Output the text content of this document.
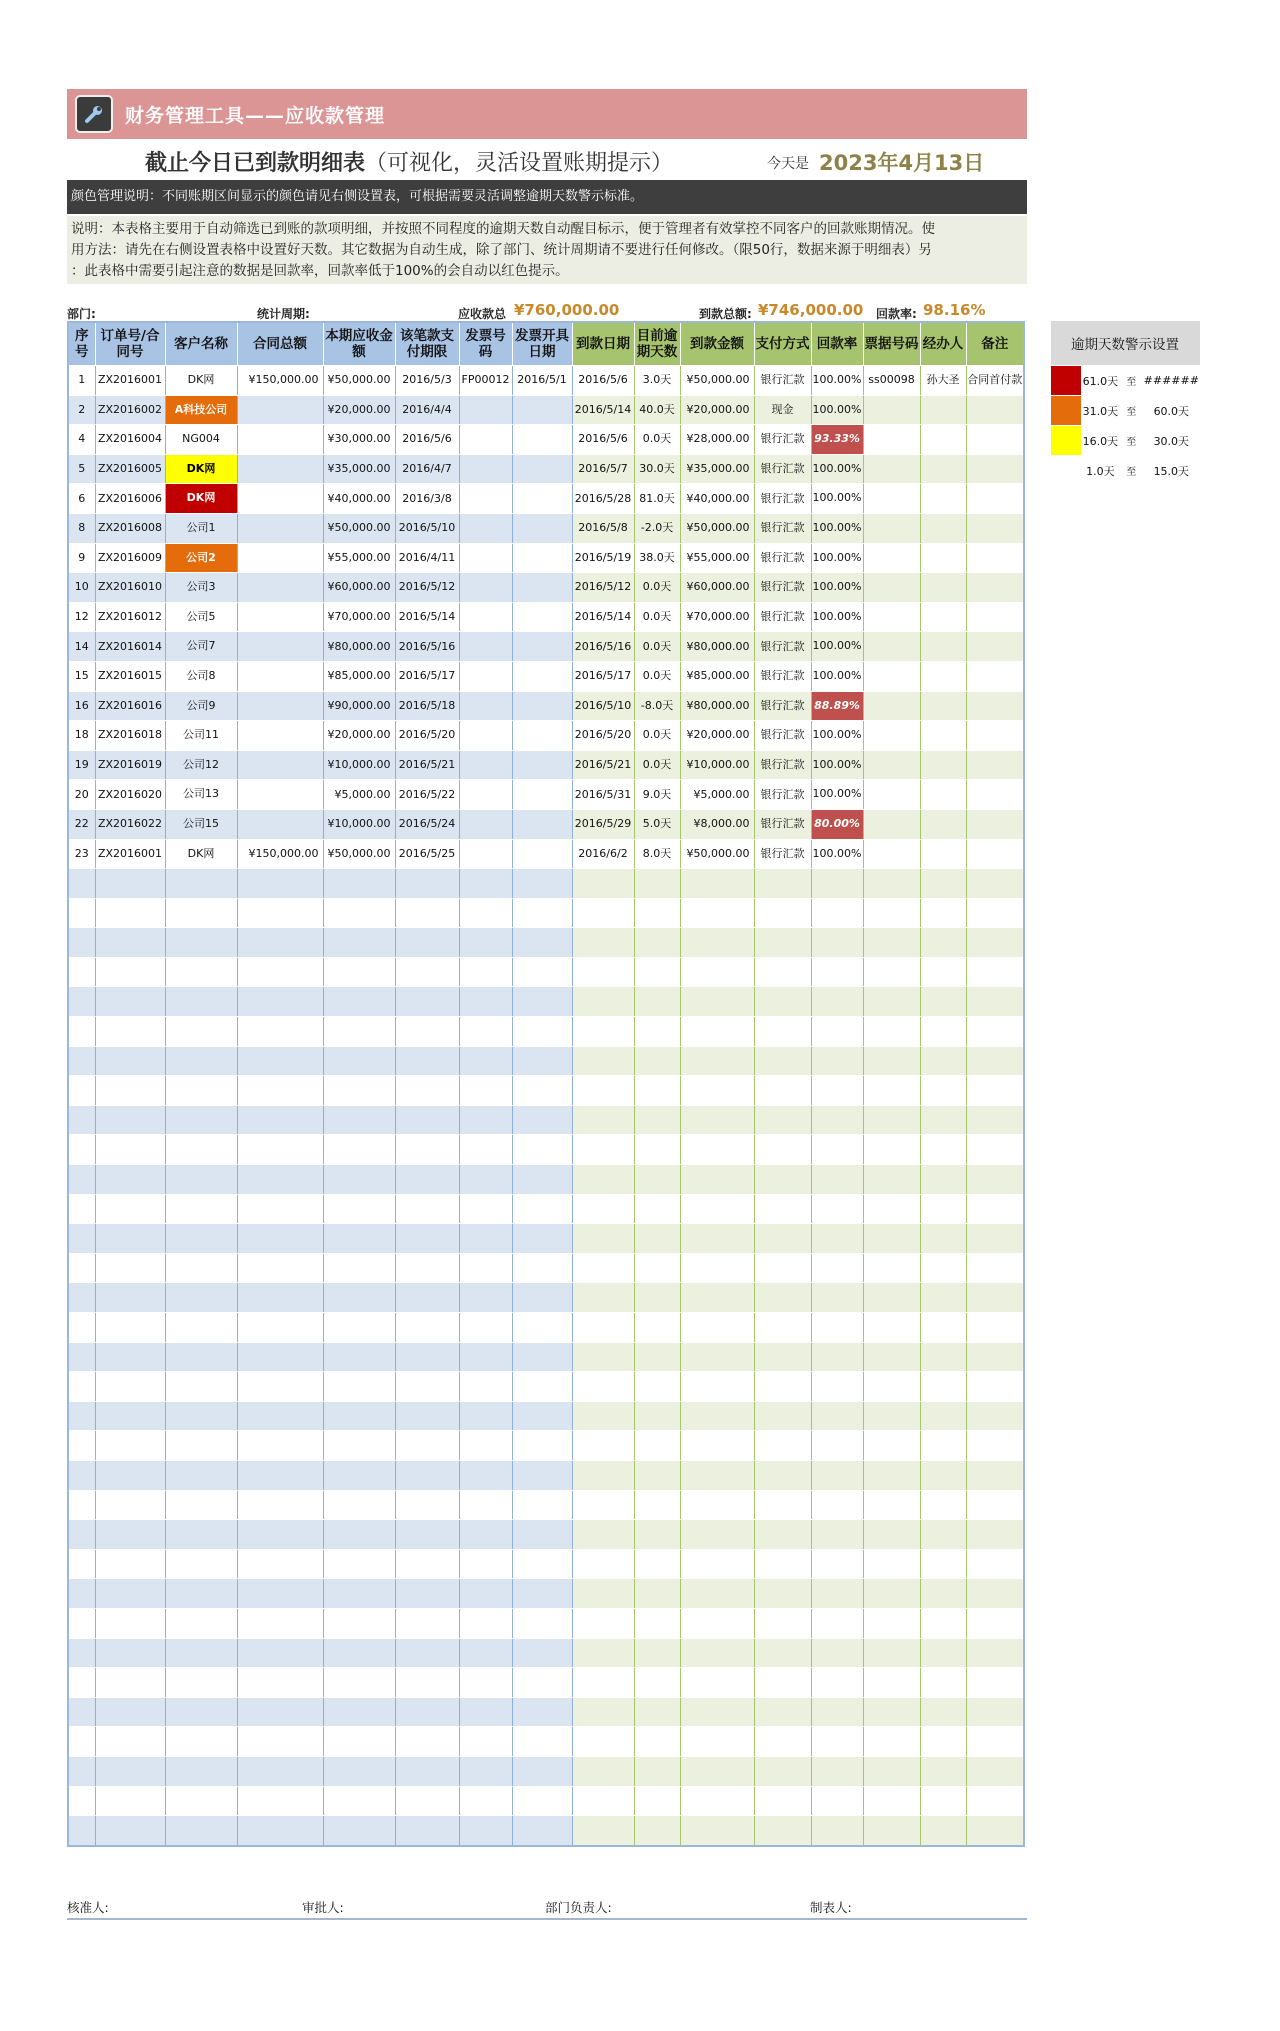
财务管理工具——应收款管理
截止今日已到款明细表（可视化，灵活设置账期提示）	今天是 2023年4月13日
颜色管理说明：不同账期区间显示的颜色请见右侧设置表，可根据需要灵活调整逾期天数警示标准。
说明：本表格主要用于自动筛选已到账的款项明细，并按照不同程度的逾期天数自动醒目标示，便于管理者有效掌控不同客户的回款账期情况。使
用方法：请先在右侧设置表格中设置好天数。其它数据为自动生成，除了部门、统计周期请不要进行任何修改。（限50行，数据来源于明细表）另
：此表格中需要引起注意的数据是回款率，回款率低于100%的会自动以红色提示。
部门:	统计周期:	应收款总 ¥760,000.00	到款总额: ¥746,000.00 回款率: 98.16%
序号	订单号/合同号	客户名称	合同总额	本期应收金额	该笔款支付期限	发票号码	发票开具日期	到款日期	目前逾期天数	到款金额	支付方式	回款率	票据号码	经办人	备注
1	ZX2016001	DK网	¥150,000.00	¥50,000.00	2016/5/3	FP00012	2016/5/1	2016/5/6	3.0天	¥50,000.00	银行汇款	100.00%	ss00098	孙大圣	合同首付款
2	ZX2016002	A科技公司		¥20,000.00	2016/4/4			2016/5/14	40.0天	¥20,000.00	现金	100.00%			

4	ZX2016004	NG004		¥30,000.00	2016/5/6			2016/5/6	0.0天	¥28,000.00	银行汇款	93.33%			

5	ZX2016005	DK网		¥35,000.00	2016/4/7			2016/5/7	30.0天	¥35,000.00	银行汇款	100.00%			

6	ZX2016006	DK网		¥40,000.00	2016/3/8			2016/5/28	81.0天	¥40,000.00	银行汇款	100.00%			

8	ZX2016008	公司1		¥50,000.00	2016/5/10			2016/5/8	-2.0天	¥50,000.00	银行汇款	100.00%			

9	ZX2016009	公司2		¥55,000.00	2016/4/11			2016/5/19	38.0天	¥55,000.00	银行汇款	100.00%			

10	ZX2016010	公司3		¥60,000.00	2016/5/12			2016/5/12	0.0天	¥60,000.00	银行汇款	100.00%			

12	ZX2016012	公司5		¥70,000.00	2016/5/14			2016/5/14	0.0天	¥70,000.00	银行汇款	100.00%			

14	ZX2016014	公司7		¥80,000.00	2016/5/16			2016/5/16	0.0天	¥80,000.00	银行汇款	100.00%			

15	ZX2016015	公司8		¥85,000.00	2016/5/17			2016/5/17	0.0天	¥85,000.00	银行汇款	100.00%			

16	ZX2016016	公司9		¥90,000.00	2016/5/18			2016/5/10	-8.0天	¥80,000.00	银行汇款	88.89%			

18	ZX2016018	公司11		¥20,000.00	2016/5/20			2016/5/20	0.0天	¥20,000.00	银行汇款	100.00%			

19	ZX2016019	公司12		¥10,000.00	2016/5/21			2016/5/21	0.0天	¥10,000.00	银行汇款	100.00%			

20	ZX2016020	公司13		¥5,000.00	2016/5/22			2016/5/31	9.0天	¥5,000.00	银行汇款	100.00%			

22	ZX2016022	公司15		¥10,000.00	2016/5/24			2016/5/29	5.0天	¥8,000.00	银行汇款	80.00%			

23	ZX2016001	DK网	¥150,000.00	¥50,000.00	2016/5/25			2016/6/2	8.0天	¥50,000.00	银行汇款	100.00%			

逾期天数警示设置			
	61.0天	至	######
	31.0天	至	60.0天
	16.0天	至	30.0天
	1.0天	至	15.0天
核准人:	审批人:	部门负责人:	制表人:
